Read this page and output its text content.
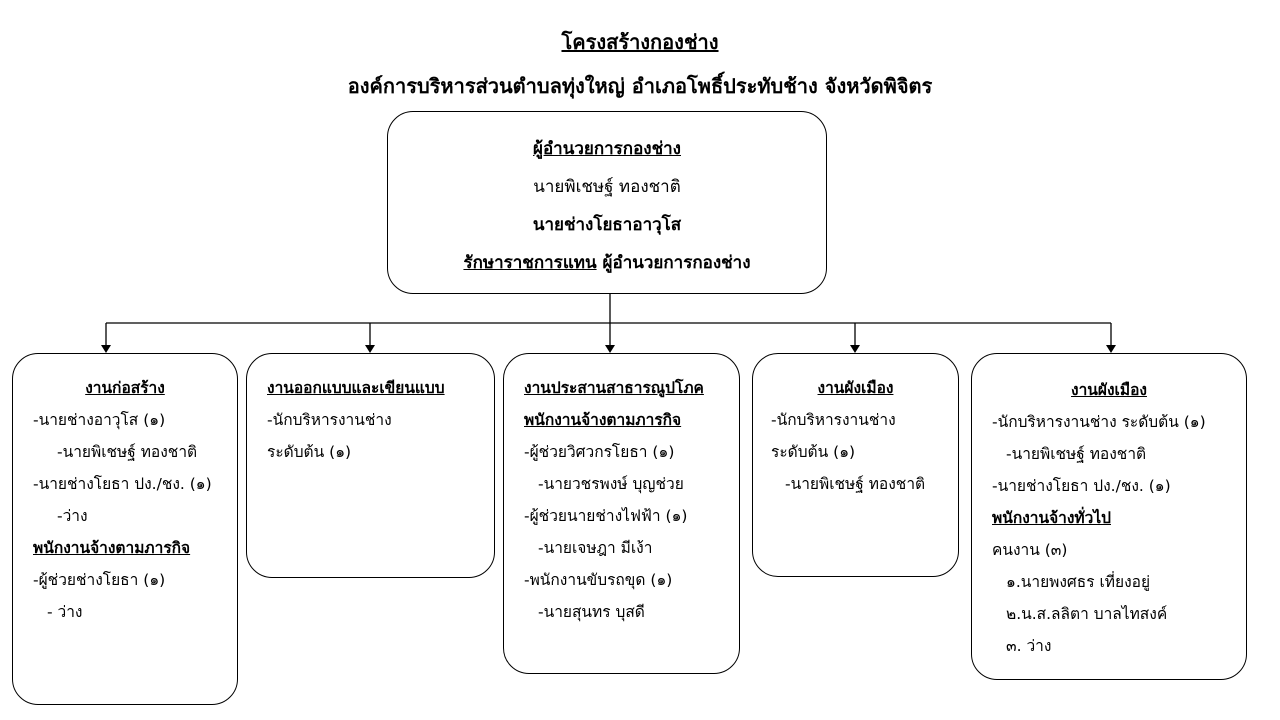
โครงสร้างกองช่าง
องค์การบริหารส่วนตำบลทุ่งใหญ่ อำเภอโพธิ์ประทับช้าง จังหวัดพิจิตร
ผู้อำนวยการกองช่าง
นายพิเชษฐ์ ทองชาติ
นายช่างโยธาอาวุโส
รักษาราชการแทน ผู้อำนวยการกองช่าง
งานก่อสร้าง
-นายช่างอาวุโส (๑)
-นายพิเชษฐ์ ทองชาติ
-นายช่างโยธา ปง./ชง. (๑)
-ว่าง
พนักงานจ้างตามภารกิจ
-ผู้ช่วยช่างโยธา (๑)
- ว่าง
งานออกแบบและเขียนแบบ
-นักบริหารงานช่าง
ระดับต้น (๑)
งานประสานสาธารณูปโภค
พนักงานจ้างตามภารกิจ
-ผู้ช่วยวิศวกรโยธา (๑)
-นายวชรพงษ์ บุญช่วย
-ผู้ช่วยนายช่างไฟฟ้า (๑)
-นายเจษฎา มีเง้า
-พนักงานขับรถขุด (๑)
-นายสุนทร บุสดี
งานผังเมือง
-นักบริหารงานช่าง
ระดับต้น (๑)
-นายพิเชษฐ์ ทองชาติ
งานผังเมือง
-นักบริหารงานช่าง ระดับต้น (๑)
-นายพิเชษฐ์ ทองชาติ
-นายช่างโยธา ปง./ชง. (๑)
พนักงานจ้างทั่วไป
คนงาน (๓)
๑.นายพงศธร เที่ยงอยู่
๒.น.ส.ลลิตา บาลไทสงค์
๓. ว่าง
